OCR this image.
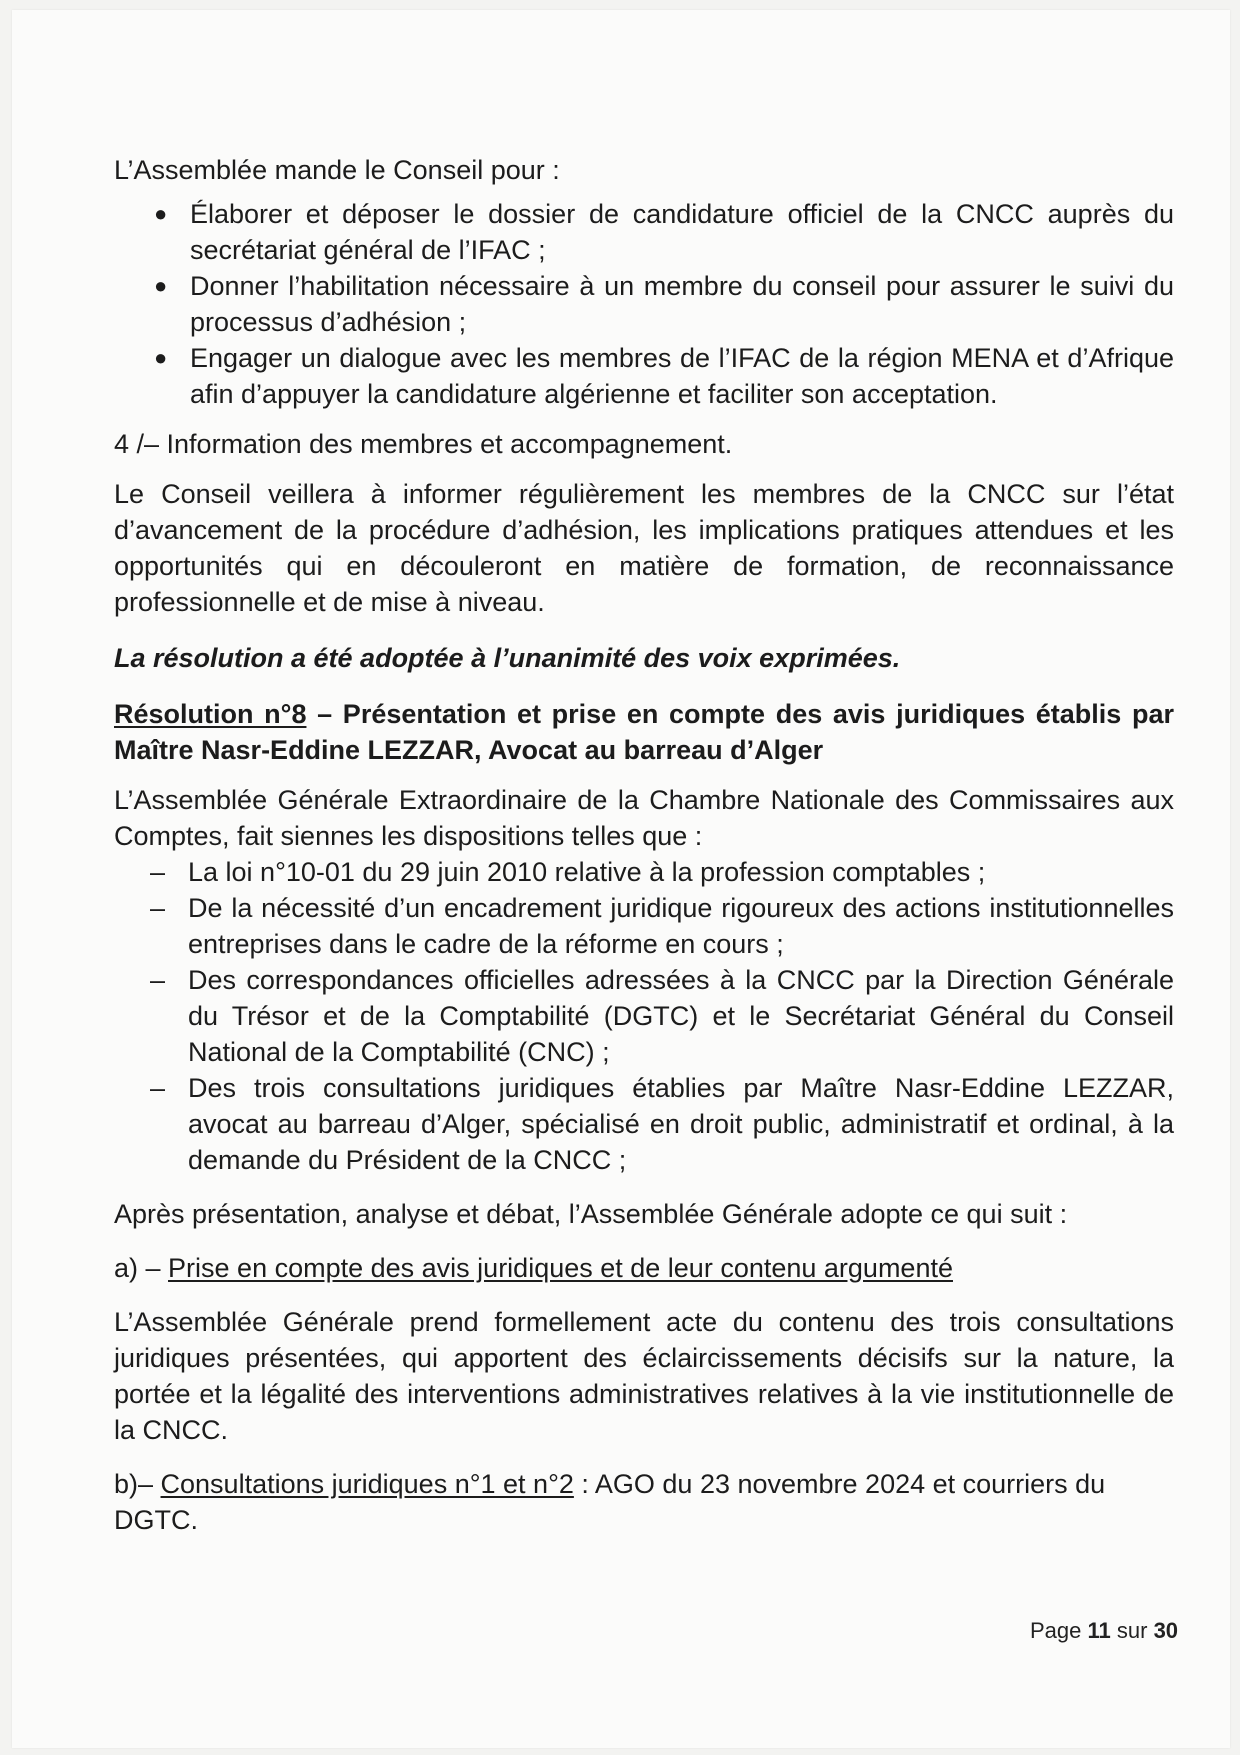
L’Assemblée mande le Conseil pour :

● Élaborer et déposer le dossier de candidature officiel de la CNCC auprès du secrétariat général de l’IFAC ;
● Donner l’habilitation nécessaire à un membre du conseil pour assurer le suivi du processus d’adhésion ;
● Engager un dialogue avec les membres de l’IFAC de la région MENA et d’Afrique afin d’appuyer la candidature algérienne et faciliter son acceptation.

4 /– Information des membres et accompagnement.

Le Conseil veillera à informer régulièrement les membres de la CNCC sur l’état d’avancement de la procédure d’adhésion, les implications pratiques attendues et les opportunités qui en découleront en matière de formation, de reconnaissance professionnelle et de mise à niveau.

La résolution a été adoptée à l’unanimité des voix exprimées.

Résolution n°8 – Présentation et prise en compte des avis juridiques établis par Maître Nasr-Eddine LEZZAR, Avocat au barreau d’Alger

L’Assemblée Générale Extraordinaire de la Chambre Nationale des Commissaires aux Comptes, fait siennes les dispositions telles que :

– La loi n°10-01 du 29 juin 2010 relative à la profession comptables ;
– De la nécessité d’un encadrement juridique rigoureux des actions institutionnelles entreprises dans le cadre de la réforme en cours ;
– Des correspondances officielles adressées à la CNCC par la Direction Générale du Trésor et de la Comptabilité (DGTC) et le Secrétariat Général du Conseil National de la Comptabilité (CNC) ;
– Des trois consultations juridiques établies par Maître Nasr-Eddine LEZZAR, avocat au barreau d’Alger, spécialisé en droit public, administratif et ordinal, à la demande du Président de la CNCC ;

Après présentation, analyse et débat, l’Assemblée Générale adopte ce qui suit :

a) – Prise en compte des avis juridiques et de leur contenu argumenté

L’Assemblée Générale prend formellement acte du contenu des trois consultations juridiques présentées, qui apportent des éclaircissements décisifs sur la nature, la portée et la légalité des interventions administratives relatives à la vie institutionnelle de la CNCC.

b)– Consultations juridiques n°1 et n°2 : AGO du 23 novembre 2024 et courriers du DGTC.

Page 11 sur 30
